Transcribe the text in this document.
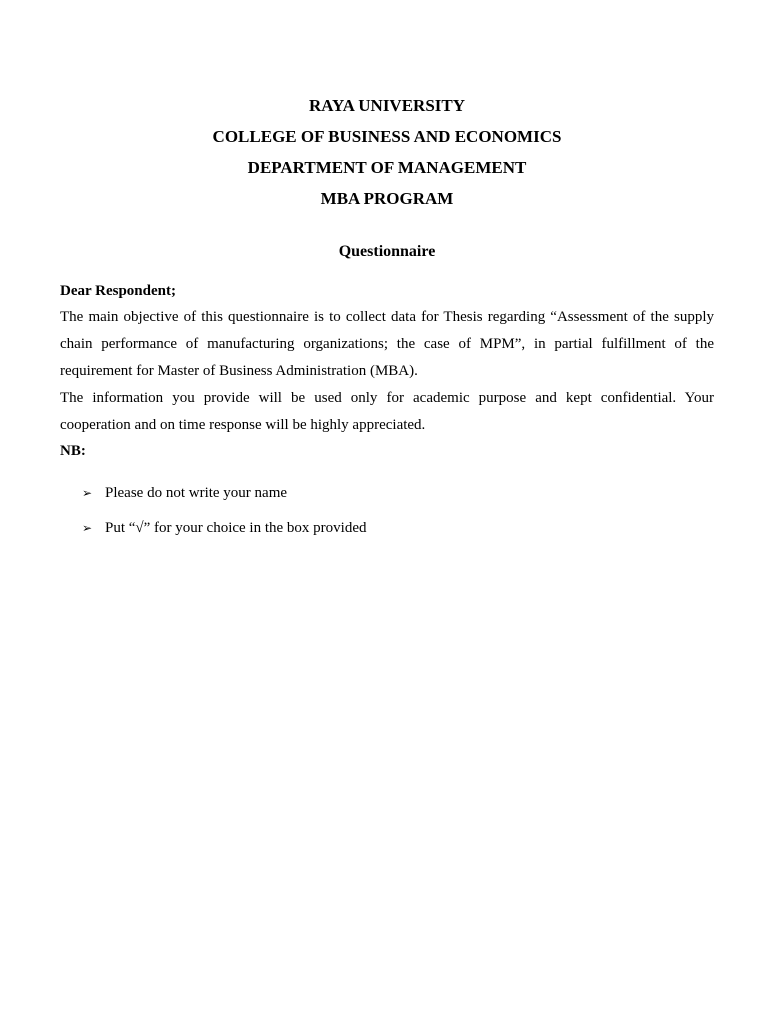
RAYA UNIVERSITY
COLLEGE OF BUSINESS AND ECONOMICS
DEPARTMENT OF MANAGEMENT
MBA PROGRAM
Questionnaire
Dear Respondent;

The main objective of this questionnaire is to collect data for Thesis regarding “Assessment of the supply chain performance of manufacturing organizations; the case of MPM”, in partial fulfillment of the requirement for Master of Business Administration (MBA).

The information you provide will be used only for academic purpose and kept confidential. Your cooperation and on time response will be highly appreciated.

NB:
➢ Please do not write your name
➢ Put “√” for your choice in the box provided
